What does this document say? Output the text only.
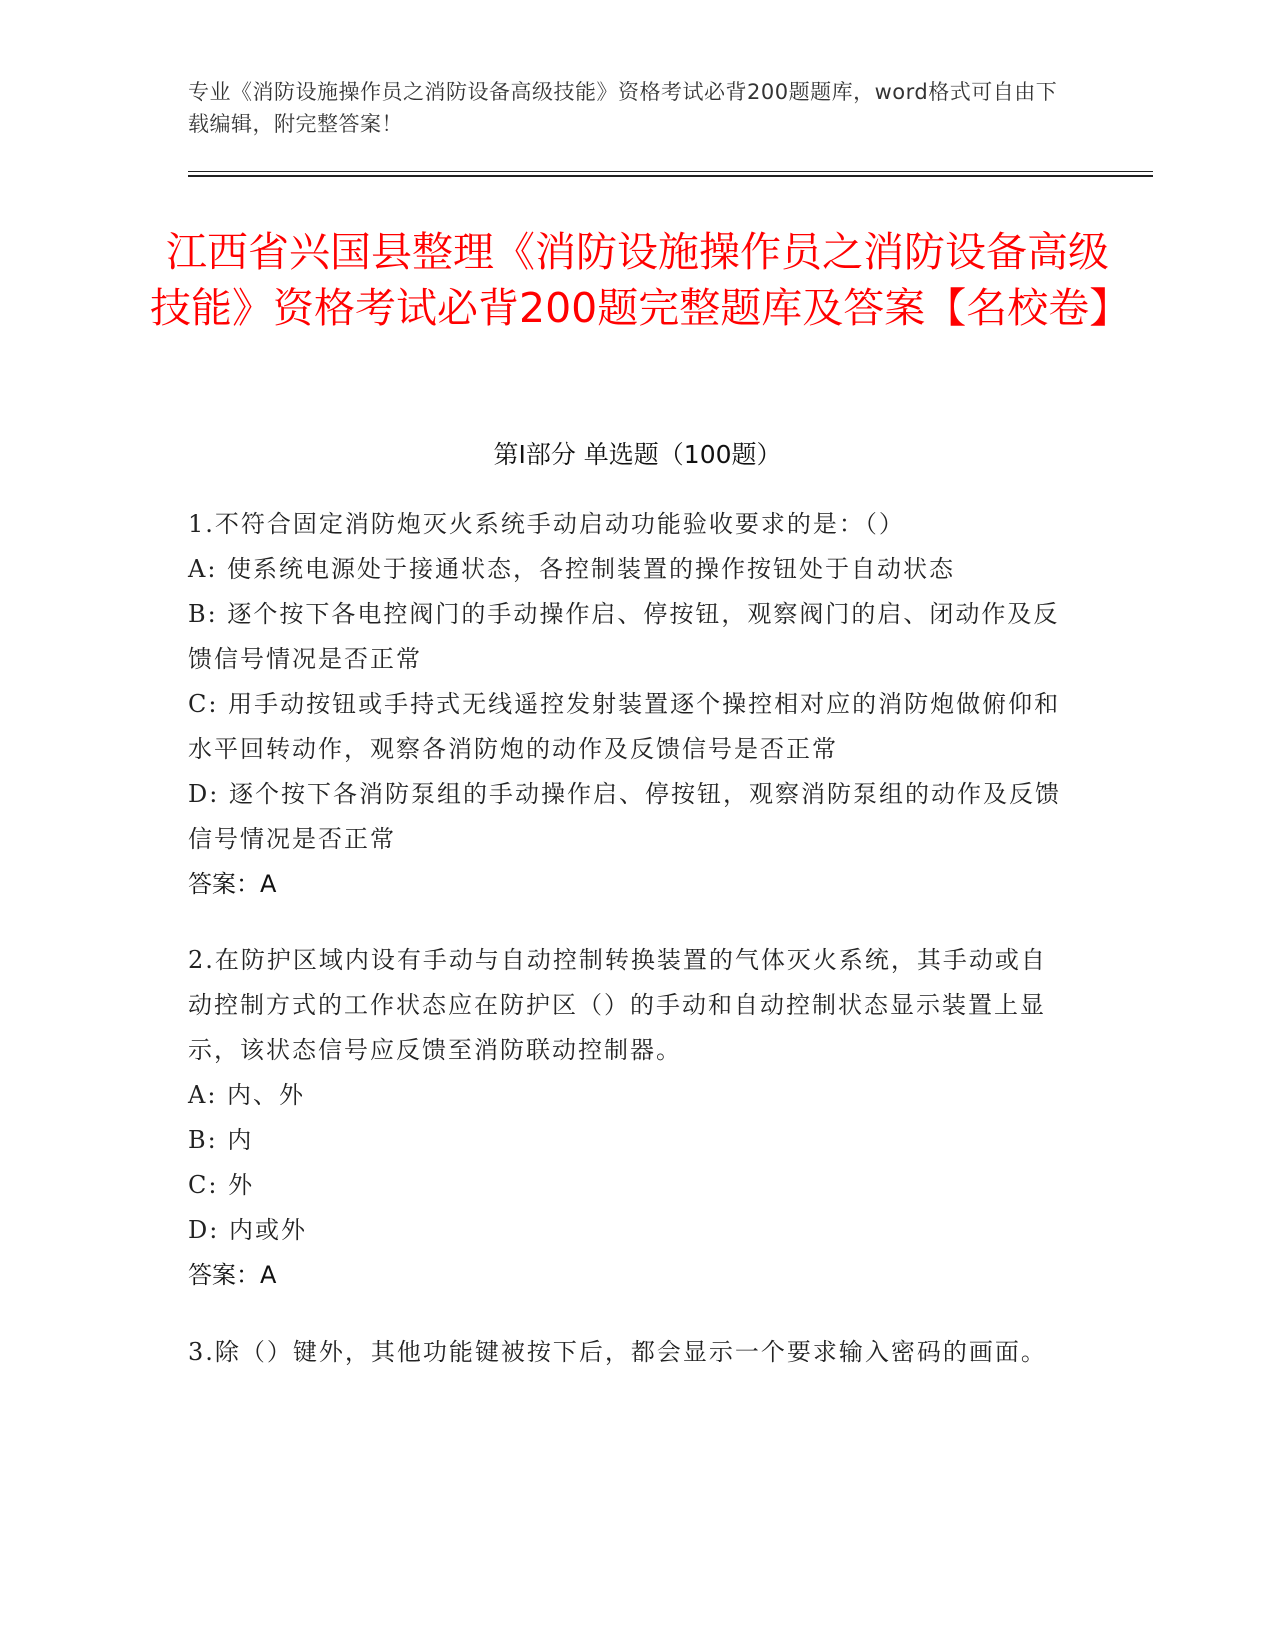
专业《消防设施操作员之消防设备高级技能》资格考试必背200题题库，word格式可自由下载编辑，附完整答案！

江西省兴国县整理《消防设施操作员之消防设备高级技能》资格考试必背200题完整题库及答案【名校卷】
第I部分 单选题（100题）

1.不符合固定消防炮灭火系统手动启动功能验收要求的是：（）

A: 使系统电源处于接通状态，各控制装置的操作按钮处于自动状态

B: 逐个按下各电控阀门的手动操作启、停按钮，观察阀门的启、闭动作及反馈信号情况是否正常

C: 用手动按钮或手持式无线遥控发射装置逐个操控相对应的消防炮做俯仰和水平回转动作，观察各消防炮的动作及反馈信号是否正常

D: 逐个按下各消防泵组的手动操作启、停按钮，观察消防泵组的动作及反馈信号情况是否正常

答案：A

2.在防护区域内设有手动与自动控制转换装置的气体灭火系统，其手动或自动控制方式的工作状态应在防护区（）的手动和自动控制状态显示装置上显示，该状态信号应反馈至消防联动控制器。

A: 内、外

B: 内

C: 外

D: 内或外

答案：A

3.除（）键外，其他功能键被按下后，都会显示一个要求输入密码的画面。
